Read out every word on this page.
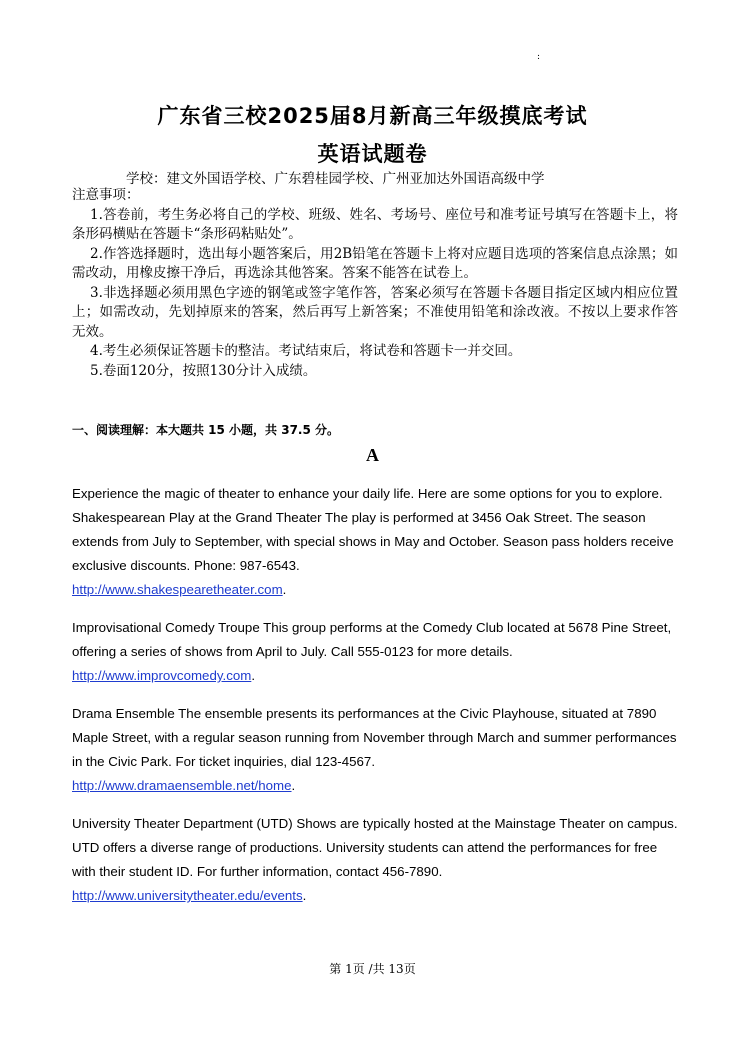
:
广东省三校2025届8月新高三年级摸底考试
英语试题卷
学校：建文外国语学校、广东碧桂园学校、广州亚加达外国语高级中学
注意事项：
1.答卷前，考生务必将自己的学校、班级、姓名、考场号、座位号和准考证号填写在答题卡上，将条形码横贴在答题卡“条形码粘贴处”。
2.作答选择题时，选出每小题答案后，用2B铅笔在答题卡上将对应题目选项的答案信息点涂黑；如需改动，用橡皮擦干净后，再选涂其他答案。答案不能答在试卷上。
3.非选择题必须用黑色字迹的钢笔或签字笔作答，答案必须写在答题卡各题目指定区域内相应位置上；如需改动，先划掉原来的答案，然后再写上新答案；不准使用铅笔和涂改液。不按以上要求作答无效。
4.考生必须保证答题卡的整洁。考试结束后，将试卷和答题卡一并交回。
5.卷面120分，按照130分计入成绩。
一、阅读理解：本大题共 15 小题，共 37.5 分。
A
Experience the magic of theater to enhance your daily life. Here are some options for you to explore. Shakespearean Play at the Grand Theater The play is performed at 3456 Oak Street. The season extends from July to September, with special shows in May and October. Season pass holders receive exclusive discounts. Phone: 987-6543.
http://www.shakespearetheater.com.
Improvisational Comedy Troupe This group performs at the Comedy Club located at 5678 Pine Street, offering a series of shows from April to July. Call 555-0123 for more details.
http://www.improvcomedy.com.
Drama Ensemble The ensemble presents its performances at the Civic Playhouse, situated at 7890 Maple Street, with a regular season running from November through March and summer performances in the Civic Park. For ticket inquiries, dial 123-4567.
http://www.dramaensemble.net/home.
University Theater Department (UTD) Shows are typically hosted at the Mainstage Theater on campus. UTD offers a diverse range of productions. University students can attend the performances for free with their student ID. For further information, contact 456-7890.
http://www.universitytheater.edu/events.
第 1页 /共 13页
